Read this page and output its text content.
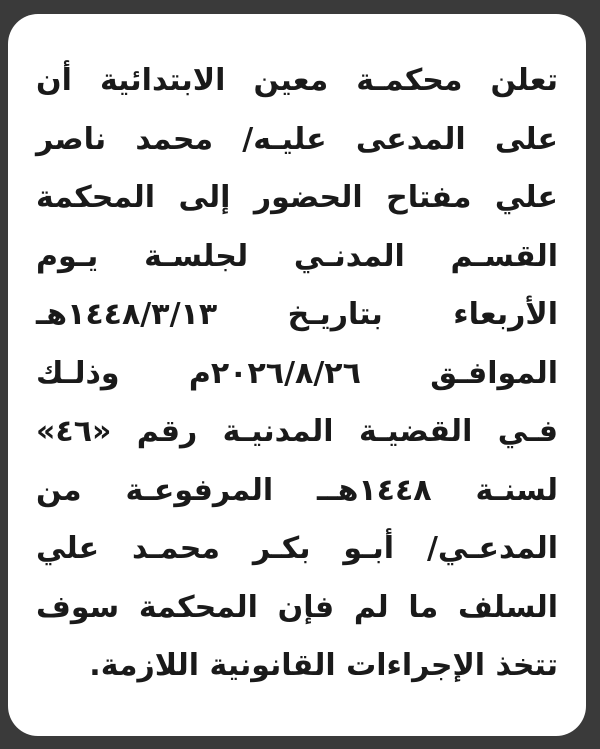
تعلن محكمـة معين الابتدائية أن
على المدعى عليـه/ محمد ناصر
علي مفتاح الحضور إلى المحكمة
القسـم المدنـي لجلسـة يـوم
الأربعاء بتاريـخ ١٤٤٨/٣/١٣هـ
الموافـق ٢٠٢٦/٨/٢٦م وذلـك
فـي القضيـة المدنيـة رقم «٤٦»
لسنـة ١٤٤٨هــ المرفوعـة من
المدعـي/ أبـو بكـر محمـد علي
السلف ما لم فإن المحكمة سوف
تتخذ الإجراءات القانونية اللازمة.
